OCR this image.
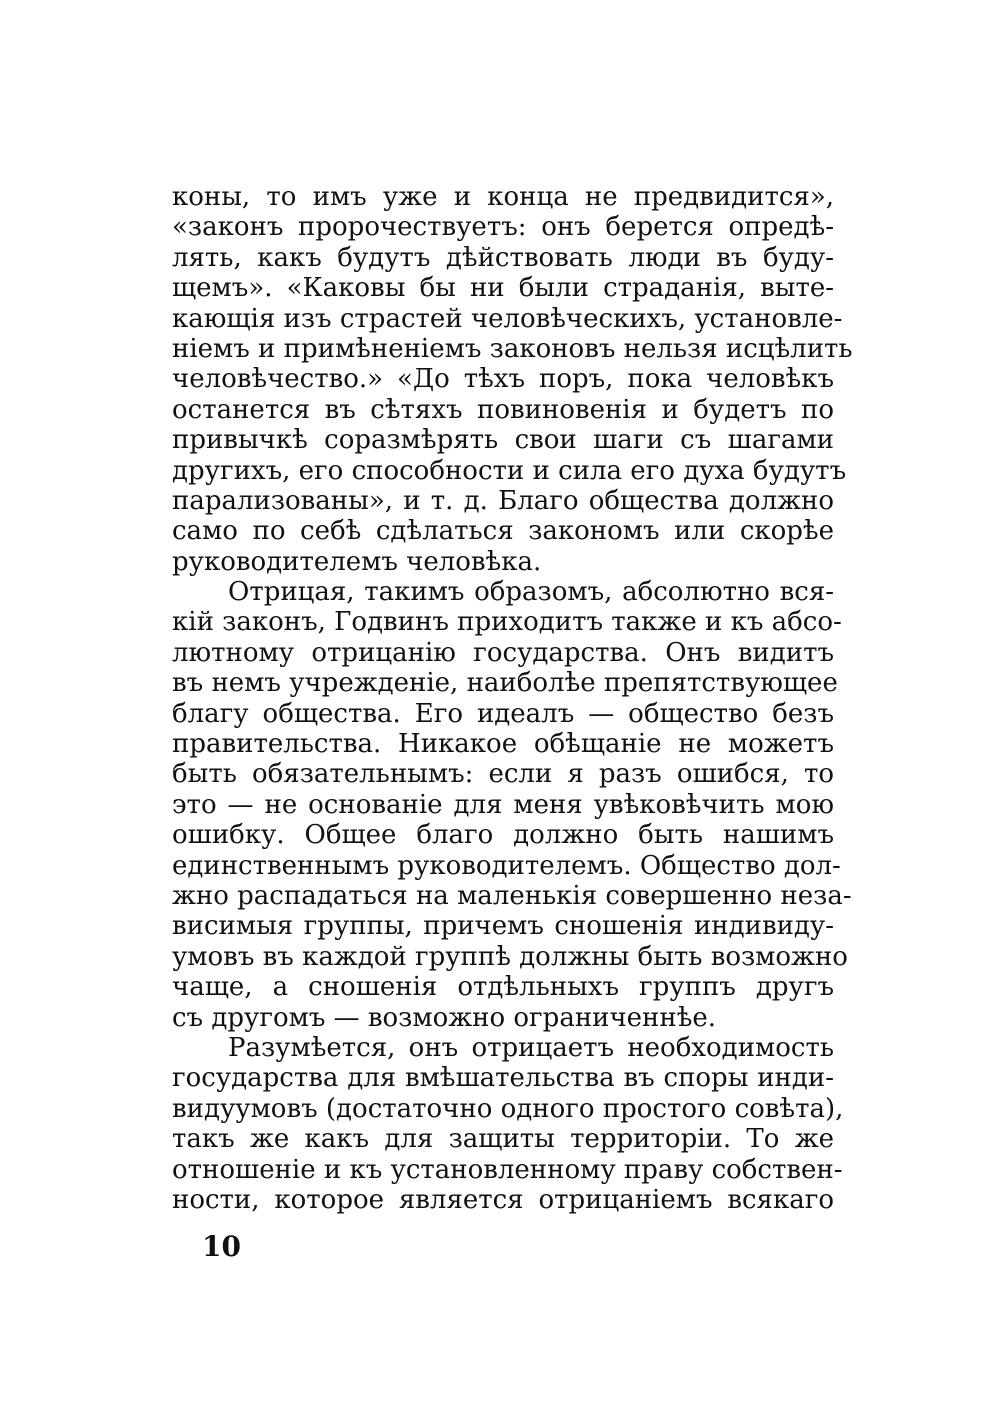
коны, то имъ уже и конца не предвидится»,
«законъ пророчествуетъ: онъ берется опредѣ-
лять, какъ будутъ дѣйствовать люди въ буду-
щемъ». «Каковы бы ни были страданія, выте-
кающія изъ страстей человѣческихъ, установле-
ніемъ и примѣненіемъ законовъ нельзя исцѣлить
человѣчество.» «До тѣхъ поръ, пока человѣкъ
останется въ сѣтяхъ повиновенія и будетъ по
привычкѣ соразмѣрять свои шаги съ шагами
другихъ, его способности и сила его духа будутъ
парализованы», и т. д. Благо общества должно
само по себѣ сдѣлаться закономъ или скорѣе
руководителемъ человѣка.
Отрицая, такимъ образомъ, абсолютно вся-
кій законъ, Годвинъ приходитъ также и къ абсо-
лютному отрицанію государства. Онъ видитъ
въ немъ учрежденіе, наиболѣе препятствующее
благу общества. Его идеалъ — общество безъ
правительства. Никакое обѣщаніе не можетъ
быть обязательнымъ: если я разъ ошибся, то
это — не основаніе для меня увѣковѣчить мою
ошибку. Общее благо должно быть нашимъ
единственнымъ руководителемъ. Общество дол-
жно распадаться на маленькія совершенно неза-
висимыя группы, причемъ сношенія индивиду-
умовъ въ каждой группѣ должны быть возможно
чаще, а сношенія отдѣльныхъ группъ другъ
съ другомъ — возможно ограниченнѣе.
Разумѣется, онъ отрицаетъ необходимость
государства для вмѣшательства въ споры инди-
видуумовъ (достаточно одного простого совѣта),
такъ же какъ для защиты территоріи. То же
отношеніе и къ установленному праву собствен-
ности, которое является отрицаніемъ всякаго
10
